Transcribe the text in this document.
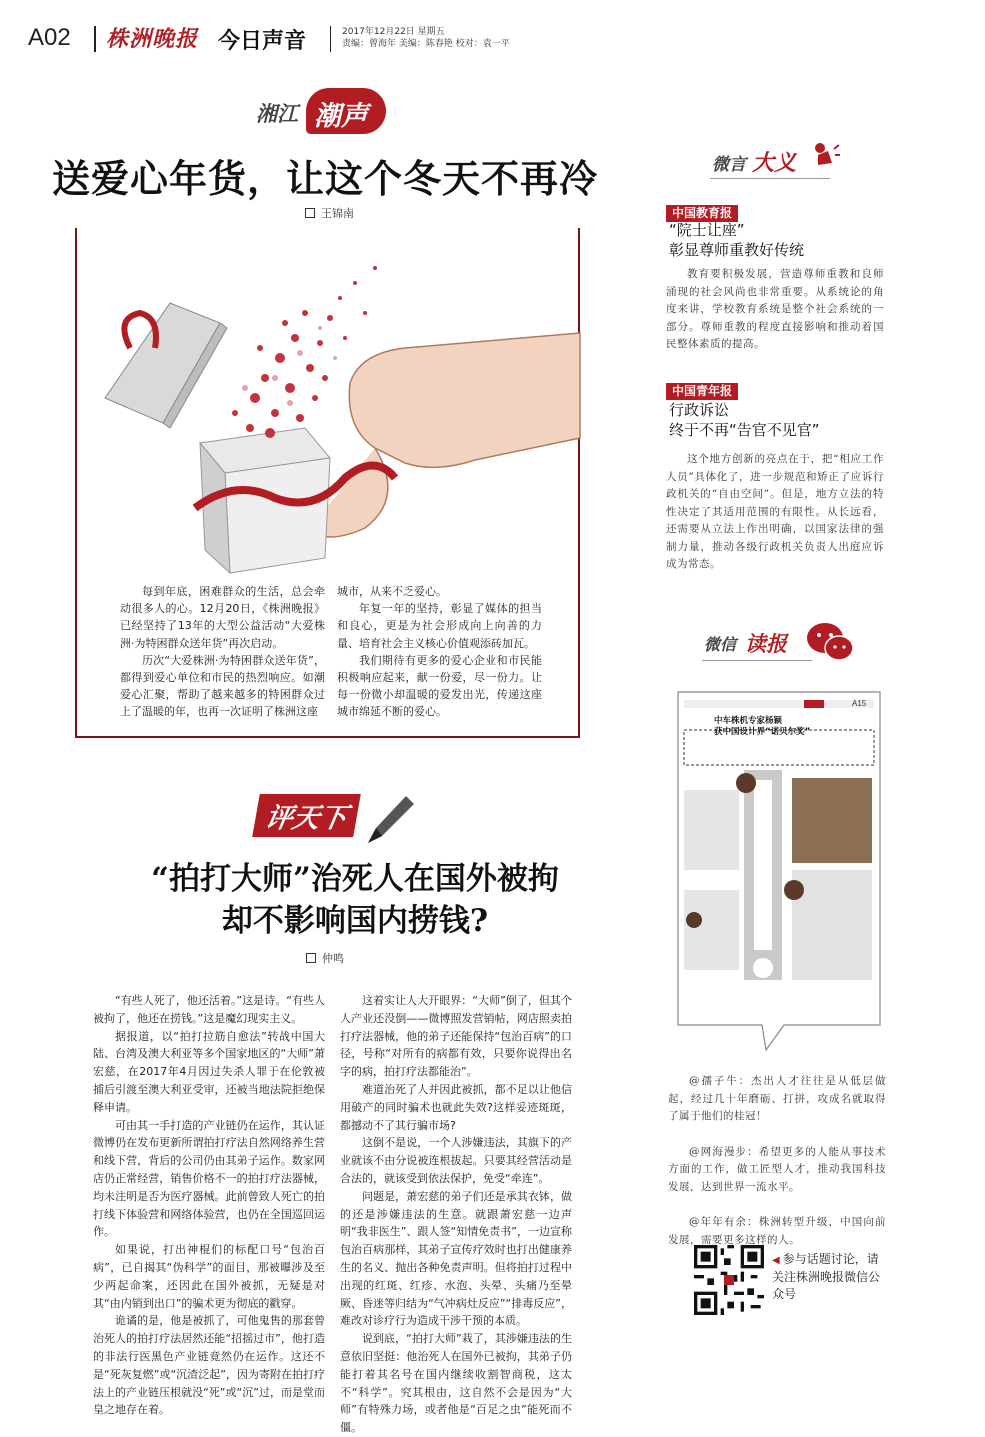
A02 株洲晚报 今日声音	2017年12月22日 星期五
责编：曾海年 美编：陈春艳 校对：袁一平
湘江 潮声
送爱心年货，让这个冬天不再冷
王锦南

每到年底，困难群众的生活，总会牵动很多人的心。12月20日，《株洲晚报》已经坚持了13年的大型公益活动“大爱株洲·为特困群众送年货”再次启动。

历次“大爱株洲·为特困群众送年货”，都得到爱心单位和市民的热烈响应。如潮爱心汇聚，帮助了越来越多的特困群众过上了温暖的年，也再一次证明了株洲这座

城市，从来不乏爱心。

年复一年的坚持，彰显了媒体的担当和良心，更是为社会形成向上向善的力量、培育社会主义核心价值观添砖加瓦。

我们期待有更多的爱心企业和市民能积极响应起来，献一份爱，尽一份力。让每一份微小却温暖的爱发出光，传递这座城市绵延不断的爱心。

评天下
“拍打大师”治死人在国外被拘
却不影响国内捞钱?
仲鸣

“有些人死了，他还活着。”这是诗。“有些人被拘了，他还在捞钱。”这是魔幻现实主义。

据报道，以“拍打拉筋自愈法”转战中国大陆、台湾及澳大利亚等多个国家地区的“大师”萧宏慈，在2017年4月因过失杀人罪于在伦敦被捕后引渡至澳大利亚受审，还被当地法院拒绝保释申请。

可由其一手打造的产业链仍在运作，其认证微博仍在发布更新所谓拍打疗法自然网络养生营和线下营，背后的公司仍由其弟子运作。数家网店仍正常经营，销售价格不一的拍打疗法器械，均未注明是否为医疗器械。此前曾致人死亡的拍打线下体验营和网络体验营，也仍在全国巡回运作。

如果说，打出神棍们的标配口号“包治百病”，已自揭其“伪科学”的面目，那被曝涉及至少两起命案，还因此在国外被抓，无疑是对其“由内销到出口”的骗术更为彻底的戳穿。

诡谲的是，他是被抓了，可他鬼售的那套曾治死人的拍打疗法居然还能“招摇过市”，他打造的非法行医黑色产业链竟然仍在运作。这还不是“死灰复燃”或“沉渣泛起”，因为寄附在拍打疗法上的产业链压根就没“死”或“沉”过，而是堂而皇之地存在着。

这着实让人大开眼界：“大师”倒了，但其个人产业还没倒——微博照发营销帖，网店照卖拍打疗法器械，他的弟子还能保持“包治百病”的口径，号称“对所有的病都有效，只要你说得出名字的病，拍打疗法都能治”。

难道治死了人并因此被抓，都不足以让他信用破产的同时骗术也就此失效?这样妥迹斑斑，都撼动不了其行骗市场?

这倒不是说，一个人涉嫌违法，其旗下的产业就该不由分说被连根拔起。只要其经营活动是合法的，就该受到依法保护，免受“牵连”。

问题是，萧宏慈的弟子们还是承其衣钵，做的还是涉嫌违法的生意。就跟萧宏慈一边声明“我非医生”、跟人签“知情免责书”，一边宣称包治百病那样，其弟子宣传疗效时也打出健康养生的名义、抛出各种免责声明。但将拍打过程中出现的红斑、红疹、水泡、头晕、头痛乃至晕厥、昏迷等归结为“气冲病灶反应”“排毒反应”，难改对诊疗行为造成干涉干预的本质。

说到底，“拍打大师”栽了，其涉嫌违法的生意依旧坚挺：他治死人在国外已被拘，其弟子仍能打着其名号在国内继续收割智商税，这太不“科学”。究其根由，这自然不会是因为“大师”有特殊力场，或者他是“百足之虫”能死而不僵。

微言 大义
中国教育报
“院士让座”
彰显尊师重教好传统

教育要积极发展，营造尊师重教和良师涌现的社会风尚也非常重要。从系统论的角度来讲，学校教育系统是整个社会系统的一部分。尊师重教的程度直接影响和推动着国民整体素质的提高。

中国青年报
行政诉讼
终于不再“告官不见官”

这个地方创新的亮点在于，把“相应工作人员”具体化了，进一步规范和矫正了应诉行政机关的“自由空间”。但是，地方立法的特性决定了其适用范围的有限性。从长远看，还需要从立法上作出明确，以国家法律的强制力量，推动各级行政机关负责人出庭应诉成为常态。

微信 读报
A15
中车株机专家杨颖
获中国设计界“诺贝尔奖”

@孺子牛：杰出人才往往是从低层做起，经过几十年磨砺、打拼，攻成名就取得了属于他们的桂冠！

@网海漫步：希望更多的人能从事技术方面的工作，做工匠型人才，推动我国科技发展，达到世界一流水平。

@年年有余：株洲转型升级，中国向前发展，需要更多这样的人。

◀ 参与话题讨论，请关注株洲晚报微信公众号
